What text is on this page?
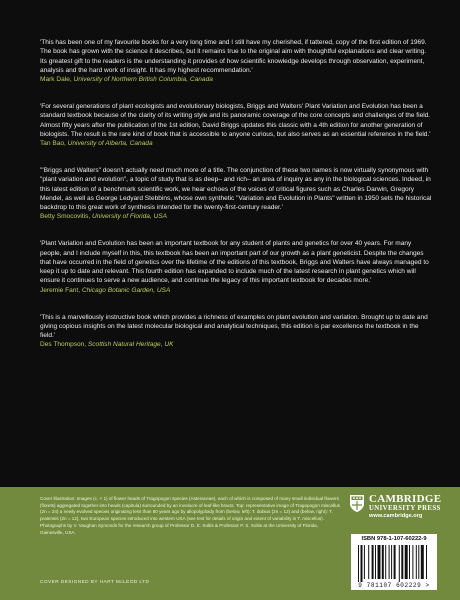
'This has been one of my favourite books for a very long time and I still have my cherished, if tattered, copy of the first edition of 1969. The book has grown with the science it describes, but it remains true to the original aim with thoughtful explanations and clear writing. Its greatest gift to the readers is the understanding it provides of how scientific knowledge develops through observation, experiment, analysis and the hard work of insight. It has my highest recommendation.'

Mark Dale, University of Northern British Columbia, Canada

'For several generations of plant ecologists and evolutionary biologists, Briggs and Walters' Plant Variation and Evolution has been a standard textbook because of the clarity of its writing style and its panoramic coverage of the core concepts and challenges of the field. Almost fifty years after the publication of the 1st edition, David Briggs updates this classic with a 4th edition for another generation of biologists. The result is the rare kind of book that is accessible to anyone curious, but also serves as an essential reference in the field.'

Tan Bao, University of Alberta, Canada

'"Briggs and Walters" doesn't actually need much more of a title. The conjunction of these two names is now virtually synonymous with "plant variation and evolution", a topic of study that is as deep– and rich– an area of inquiry as any in the biological sciences. Indeed, in this latest edition of a benchmark scientific work, we hear echoes of the voices of critical figures such as Charles Darwin, Gregory Mendel, as well as George Ledyard Stebbins, whose own synthetic "Variation and Evolution in Plants" written in 1950 sets the historical backdrop to this great work of synthesis intended for the twenty-first-century reader.'

Betty Smocovitis, University of Florida, USA

'Plant Variation and Evolution has been an important textbook for any student of plants and genetics for over 40 years. For many people, and I include myself in this, this textbook has been an important part of our growth as a plant geneticist. Despite the changes that have occurred in the field of genetics over the lifetime of the editions of this textbook, Briggs and Walters have always managed to keep it up to date and relevant. This fourth edition has expanded to include much of the latest research in plant genetics which will ensure it continues to serve a new audience, and continue the legacy of this important textbook for decades more.'

Jeremie Fant, Chicago Botanic Garden, USA

'This is a marvellously instructive book which provides a richness of examples on plant evolution and variation. Brought up to date and giving copious insights on the latest molecular biological and analytical techniques, this edition is par excellence the textbook in the field.'

Des Thompson, Scottish Natural Heritage, UK
Cover illustration: Images (c. × 1) of flower heads of Tragopogon species (Asteraceae), each of which is composed of many small individual flowers (florets) aggregated together into heads (capitula) surrounded by an involucre of leaf-like bracts. Top: representative image of Tragopogon miscellus (2n = 24) a newly evolved species originating less than 80 years ago by allopolyploidy from (below, left): T. dubius (2n = 12) and (below, right): T. pratensis (2n = 12), two European species introduced into western USA (see text for details of origin and extent of variability in T. miscellus). Photographs by V. Vaughan Symonds for the research group of Professor D. E. Soltis & Professor P. S. Soltis at the University of Florida, Gainesville, USA.
COVER DESIGNED BY HART McLEOD LTD
CAMBRIDGE
UNIVERSITY PRESS
www.cambridge.org
ISBN 978-1-107-60222-9
9 781107 602229 >
